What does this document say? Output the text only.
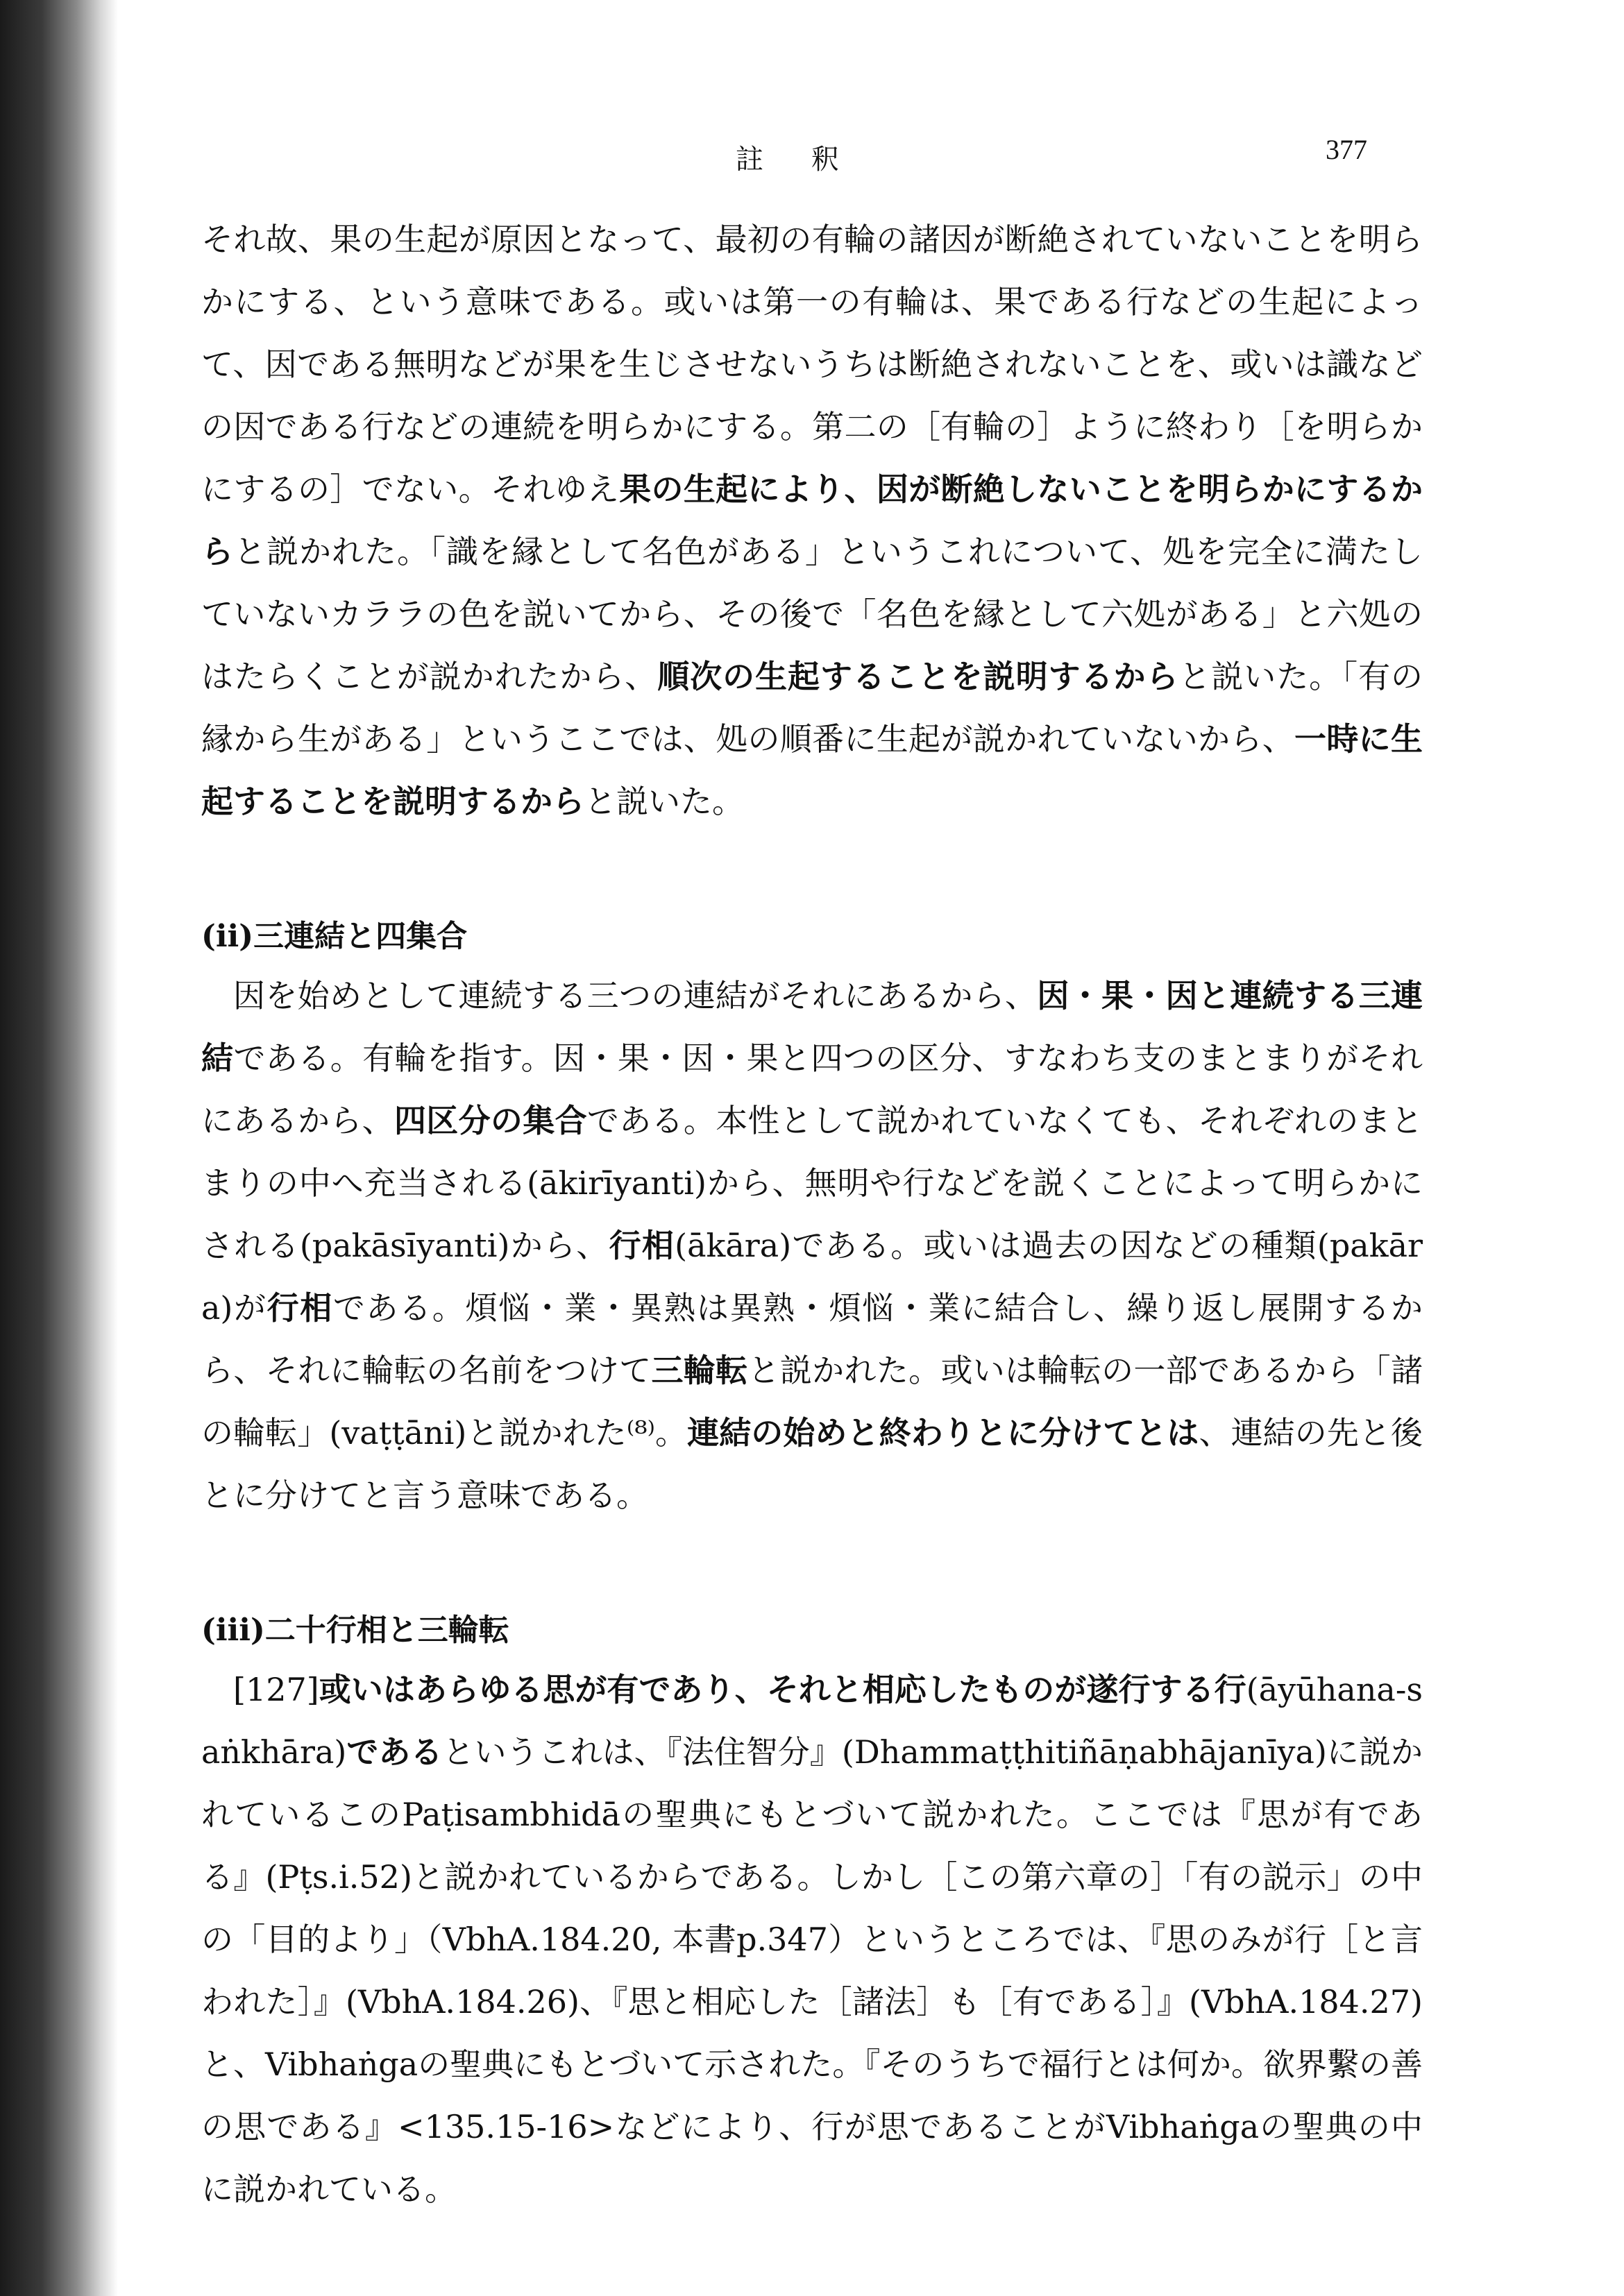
註 釈	377

それ故、果の生起が原因となって、最初の有輪の諸因が断絶されていないことを明らかにする、という意味である。或いは第一の有輪は、果である行などの生起によって、因である無明などが果を生じさせないうちは断絶されないことを、或いは識などの因である行などの連続を明らかにする。第二の［有輪の］ように終わり［を明らかにするの］でない。それゆえ果の生起により、因が断絶しないことを明らかにするからと説かれた。「識を縁として名色がある」というこれについて、処を完全に満たしていないカララの色を説いてから、その後で「名色を縁として六処がある」と六処のはたらくことが説かれたから、順次の生起することを説明するからと説いた。「有の縁から生がある」というここでは、処の順番に生起が説かれていないから、一時に生起することを説明するからと説いた。

(ii)三連結と四集合

因を始めとして連続する三つの連結がそれにあるから、因・果・因と連続する三連結である。有輪を指す。因・果・因・果と四つの区分、すなわち支のまとまりがそれにあるから、四区分の集合である。本性として説かれていなくても、それぞれのまとまりの中へ充当される(ākirīyanti)から、無明や行などを説くことによって明らかにされる(pakāsīyanti)から、行相(ākāra)である。或いは過去の因などの種類(pakāra)が行相である。煩悩・業・異熟は異熟・煩悩・業に結合し、繰り返し展開するから、それに輪転の名前をつけて三輪転と説かれた。或いは輪転の一部であるから「諸の輪転」(vaṭṭāni)と説かれた⁽⁸⁾。連結の始めと終わりとに分けてとは、連結の先と後とに分けてと言う意味である。

(iii)二十行相と三輪転

[127]或いはあらゆる思が有であり、それと相応したものが遂行する行(āyūhana-saṅkhāra)であるというこれは、『法住智分』(Dhammaṭṭhitiñāṇabhājanīya)に説かれているこのPaṭisambhidāの聖典にもとづいて説かれた。ここでは『思が有である』(Pṭs.i.52)と説かれているからである。しかし［この第六章の］「有の説示」の中の「目的より」（VbhA.184.20, 本書p.347）というところでは、『思のみが行［と言われた］』(VbhA.184.26)、『思と相応した［諸法］も［有である］』(VbhA.184.27)と、Vibhaṅgaの聖典にもとづいて示された。『そのうちで福行とは何か。欲界繫の善の思である』<135.15-16>などにより、行が思であることがVibhaṅgaの聖典の中に説かれている。
